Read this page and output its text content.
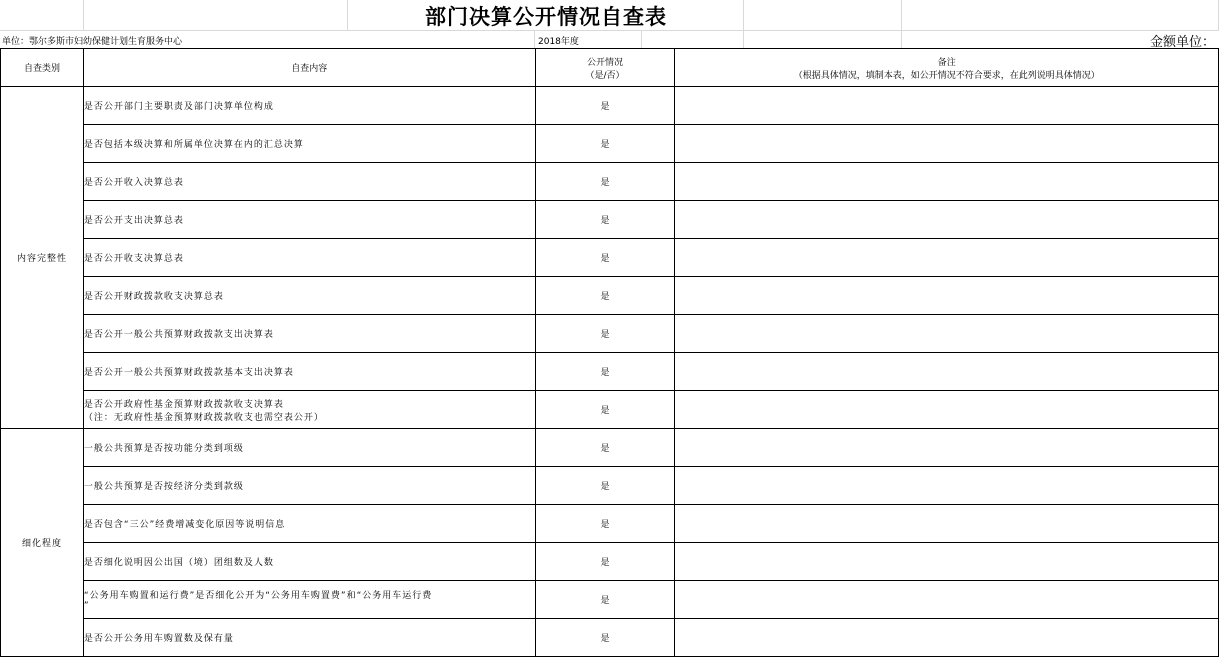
部门决算公开情况自查表
单位：鄂尔多斯市妇幼保健计划生育服务中心	2018年度	金额单位：
自查类别	自查内容	公开情况
（是/否）	备注
（根据具体情况，填制本表，如公开情况不符合要求，在此列说明具体情况）

内容完整性	是否公开部门主要职责及部门决算单位构成	是	
	是否包括本级决算和所属单位决算在内的汇总决算	是	
	是否公开收入决算总表	是	
	是否公开支出决算总表	是	
	是否公开收支决算总表	是	
	是否公开财政拨款收支决算总表	是	
	是否公开一般公共预算财政拨款支出决算表	是	
	是否公开一般公共预算财政拨款基本支出决算表	是	

	是否公开政府性基金预算财政拨款收支决算表
（注：无政府性基金预算财政拨款收支也需空表公开）	是	
细化程度	一般公共预算是否按功能分类到项级	是	
	一般公共预算是否按经济分类到款级	是	
	是否包含“三公”经费增减变化原因等说明信息	是	
	是否细化说明因公出国（境）团组数及人数	是	

	“公务用车购置和运行费”是否细化公开为“公务用车购置费”和“公务用车运行费
”	是	
	是否公开公务用车购置数及保有量	是	
